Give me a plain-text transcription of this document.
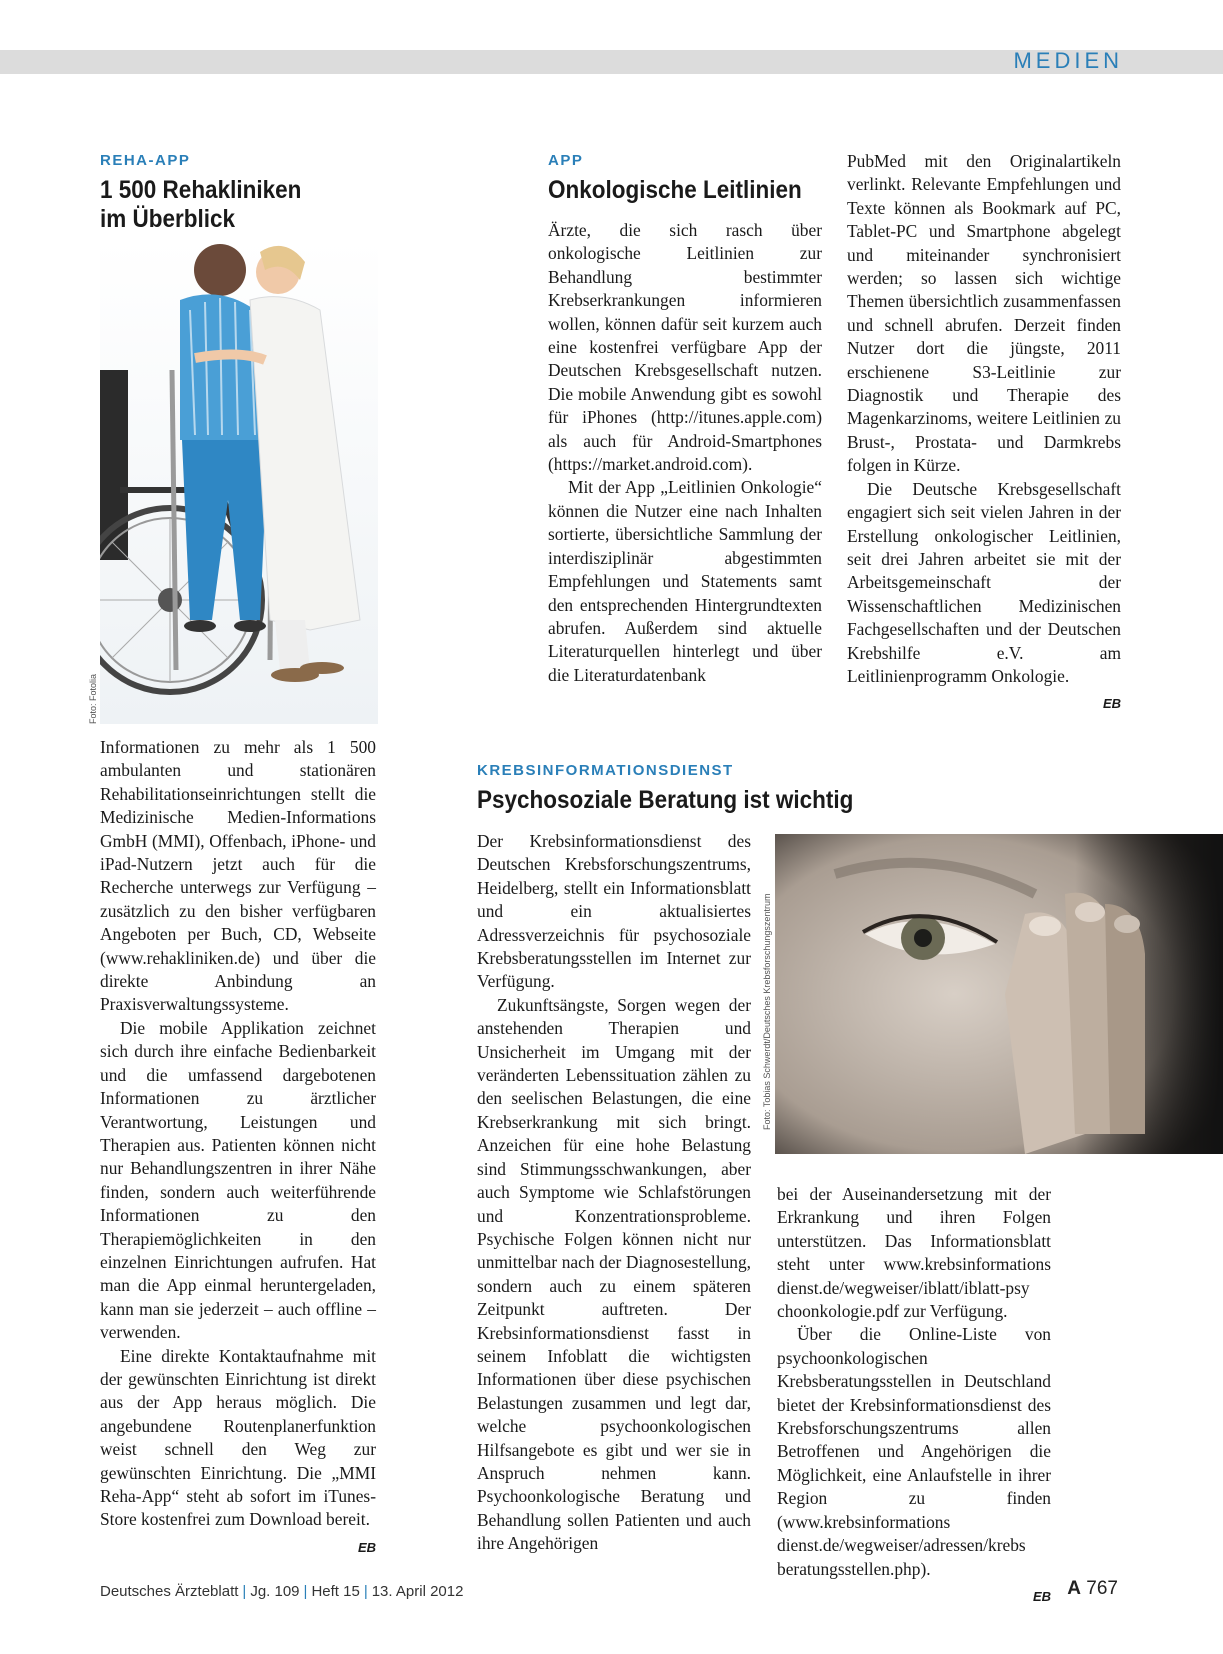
MEDIEN
REHA-APP
1 500 Rehakliniken
im Überblick
Foto: Fotolia

Informationen zu mehr als 1 500 ambulanten und stationären Rehabilitationseinrichtungen stellt die Medizinische Medien-Informations GmbH (MMI), Offenbach, iPhone- und iPad-Nutzern jetzt auch für die Recherche unterwegs zur Verfügung – zusätzlich zu den bisher verfügbaren Angeboten per Buch, CD, Webseite (www.rehakliniken.de) und über die direkte Anbindung an Praxisverwaltungssysteme.

Die mobile Applikation zeichnet sich durch ihre einfache Bedienbarkeit und die umfassend dargebotenen Informationen zu ärztlicher Verantwortung, Leistungen und Therapien aus. Patienten können nicht nur Behandlungszentren in ihrer Nähe finden, sondern auch weiterführende Informationen zu den Therapiemöglichkeiten in den einzelnen Einrichtungen aufrufen. Hat man die App einmal heruntergeladen, kann man sie jederzeit – auch offline – verwenden.

Eine direkte Kontaktaufnahme mit der gewünschten Einrichtung ist direkt aus der App heraus möglich. Die angebundene Routenplanerfunktion weist schnell den Weg zur gewünschten Einrichtung. Die „MMI Reha-App“ steht ab sofort im iTunes-Store kostenfrei zum Download bereit.

EB
APP
Onkologische Leitlinien

Ärzte, die sich rasch über onkologische Leitlinien zur Behandlung bestimmter Krebserkrankungen informieren wollen, können dafür seit kurzem auch eine kostenfrei verfügbare App der Deutschen Krebsgesellschaft nutzen. Die mobile Anwendung gibt es sowohl für iPhones (http://itunes.apple.com) als auch für Android-Smartphones (https://market.android.com).

Mit der App „Leitlinien Onkologie“ können die Nutzer eine nach Inhalten sortierte, übersichtliche Sammlung der interdisziplinär abgestimmten Empfehlungen und Statements samt den entsprechenden Hintergrundtexten abrufen. Außerdem sind aktuelle Literaturquellen hinterlegt und über die Literaturdatenbank

PubMed mit den Originalartikeln verlinkt. Relevante Empfehlungen und Texte können als Bookmark auf PC, Tablet-PC und Smartphone abgelegt und miteinander synchronisiert werden; so lassen sich wichtige Themen übersichtlich zusammenfassen und schnell abrufen. Derzeit finden Nutzer dort die jüngste, 2011 erschienene S3-Leitlinie zur Diagnostik und Therapie des Magenkarzinoms, weitere Leitlinien zu Brust-, Prostata- und Darmkrebs folgen in Kürze.

Die Deutsche Krebsgesellschaft engagiert sich seit vielen Jahren in der Erstellung onkologischer Leitlinien, seit drei Jahren arbeitet sie mit der Arbeitsgemeinschaft der Wissenschaftlichen Medizinischen Fachgesellschaften und der Deutschen Krebshilfe e.V. am Leitlinienprogramm Onkologie.

EB
KREBSINFORMATIONSDIENST
Psychosoziale Beratung ist wichtig
Foto: Tobias Schwerdt/Deutsches Krebsforschungszentrum

Der Krebsinformationsdienst des Deutschen Krebsforschungszentrums, Heidelberg, stellt ein Informationsblatt und ein aktualisiertes Adressverzeichnis für psychosoziale Krebsberatungsstellen im Internet zur Verfügung.

Zukunftsängste, Sorgen wegen der anstehenden Therapien und Unsicherheit im Umgang mit der veränderten Lebenssituation zählen zu den seelischen Belastungen, die eine Krebserkrankung mit sich bringt. Anzeichen für eine hohe Belastung sind Stimmungsschwankungen, aber auch Symptome wie Schlafstörungen und Konzentrationsprobleme. Psychische Folgen können nicht nur unmittelbar nach der Diagnosestellung, sondern auch zu einem späteren Zeitpunkt auftreten. Der Krebsinformationsdienst fasst in seinem Infoblatt die wichtigsten Informationen über diese psychischen Belastungen zusammen und legt dar, welche psychoonkologischen Hilfsangebote es gibt und wer sie in Anspruch nehmen kann. Psychoonkologische Beratung und Behandlung sollen Patienten und auch ihre Angehörigen

bei der Auseinandersetzung mit der Erkrankung und ihren Folgen unterstützen. Das Informationsblatt steht unter www.krebsinformations dienst.de/wegweiser/iblatt/iblatt-psy choonkologie.pdf zur Verfügung.

Über die Online-Liste von psychoonkologischen Krebsberatungsstellen in Deutschland bietet der Krebsinformationsdienst des Krebsforschungszentrums allen Betroffenen und Angehörigen die Möglichkeit, eine Anlaufstelle in ihrer Region zu finden (www.krebsinformations dienst.de/wegweiser/adressen/krebs beratungsstellen.php).

EB
Deutsches Ärzteblatt | Jg. 109 | Heft 15 | 13. April 2012	A 767
